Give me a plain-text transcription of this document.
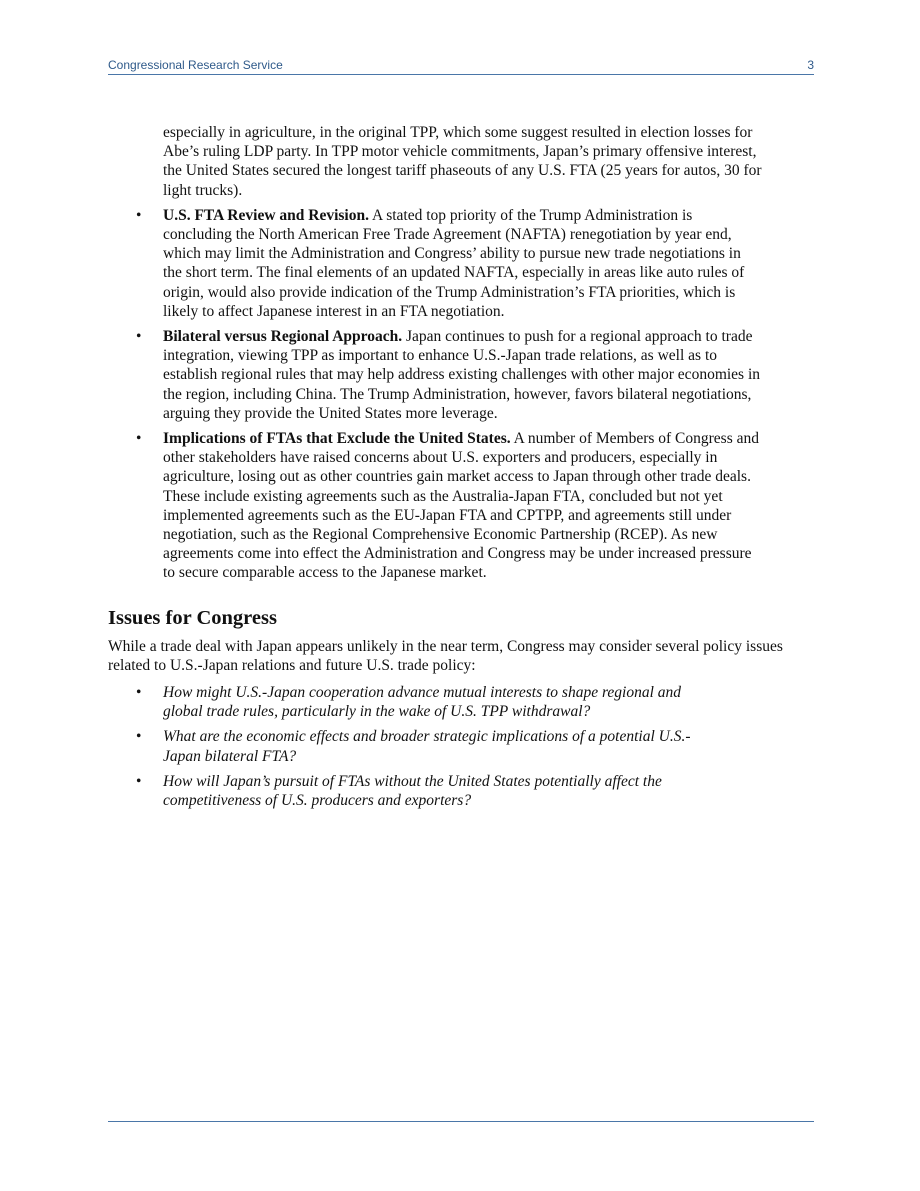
Congressional Research Service	3

especially in agriculture, in the original TPP, which some suggest resulted in election losses for Abe’s ruling LDP party. In TPP motor vehicle commitments, Japan’s primary offensive interest, the United States secured the longest tariff phaseouts of any U.S. FTA (25 years for autos, 30 for light trucks).

• U.S. FTA Review and Revision. A stated top priority of the Trump Administration is concluding the North American Free Trade Agreement (NAFTA) renegotiation by year end, which may limit the Administration and Congress’ ability to pursue new trade negotiations in the short term. The final elements of an updated NAFTA, especially in areas like auto rules of origin, would also provide indication of the Trump Administration’s FTA priorities, which is likely to affect Japanese interest in an FTA negotiation.
• Bilateral versus Regional Approach. Japan continues to push for a regional approach to trade integration, viewing TPP as important to enhance U.S.-Japan trade relations, as well as to establish regional rules that may help address existing challenges with other major economies in the region, including China. The Trump Administration, however, favors bilateral negotiations, arguing they provide the United States more leverage.
• Implications of FTAs that Exclude the United States. A number of Members of Congress and other stakeholders have raised concerns about U.S. exporters and producers, especially in agriculture, losing out as other countries gain market access to Japan through other trade deals. These include existing agreements such as the Australia-Japan FTA, concluded but not yet implemented agreements such as the EU-Japan FTA and CPTPP, and agreements still under negotiation, such as the Regional Comprehensive Economic Partnership (RCEP). As new agreements come into effect the Administration and Congress may be under increased pressure to secure comparable access to the Japanese market.
Issues for Congress

While a trade deal with Japan appears unlikely in the near term, Congress may consider several policy issues related to U.S.-Japan relations and future U.S. trade policy:

• How might U.S.-Japan cooperation advance mutual interests to shape regional and global trade rules, particularly in the wake of U.S. TPP withdrawal?
• What are the economic effects and broader strategic implications of a potential U.S.-Japan bilateral FTA?
• How will Japan’s pursuit of FTAs without the United States potentially affect the competitiveness of U.S. producers and exporters?
